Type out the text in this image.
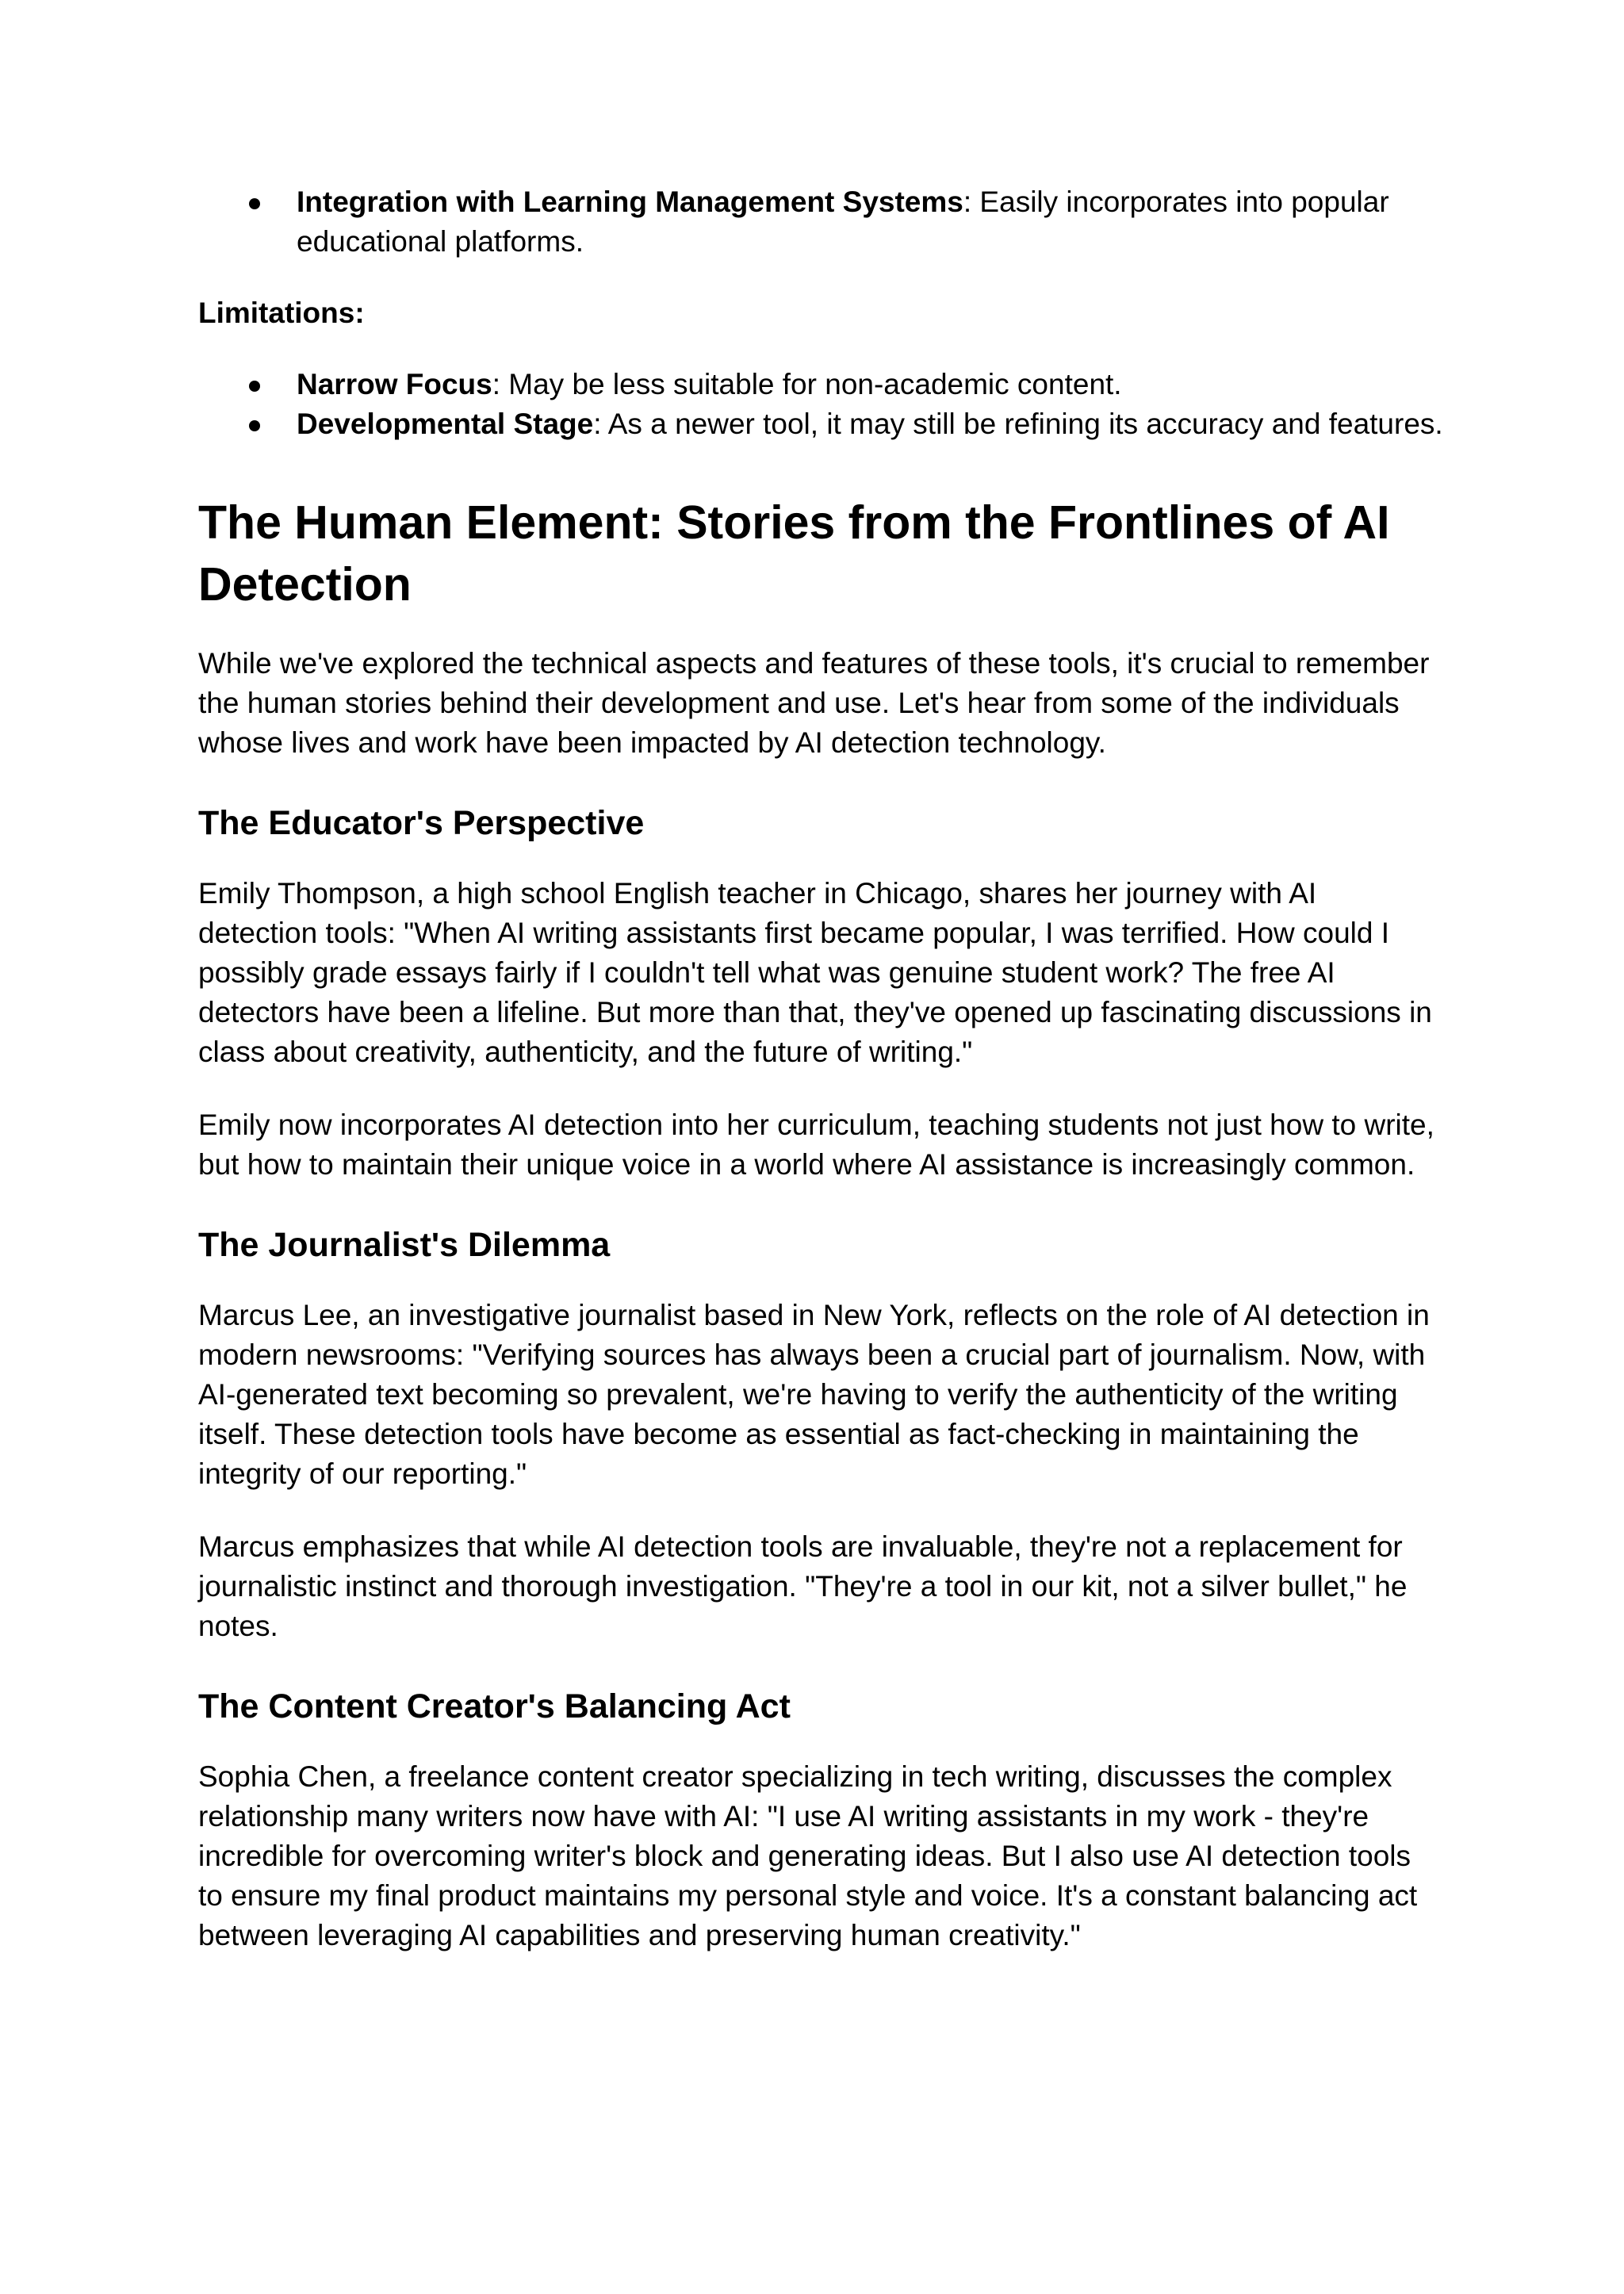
Integration with Learning Management Systems: Easily incorporates into popular educational platforms.
Limitations:
Narrow Focus: May be less suitable for non-academic content.
Developmental Stage: As a newer tool, it may still be refining its accuracy and features.
The Human Element: Stories from the Frontlines of AI Detection

While we've explored the technical aspects and features of these tools, it's crucial to remember the human stories behind their development and use. Let's hear from some of the individuals whose lives and work have been impacted by AI detection technology.

The Educator's Perspective

Emily Thompson, a high school English teacher in Chicago, shares her journey with AI detection tools: "When AI writing assistants first became popular, I was terrified. How could I possibly grade essays fairly if I couldn't tell what was genuine student work? The free AI detectors have been a lifeline. But more than that, they've opened up fascinating discussions in class about creativity, authenticity, and the future of writing."

Emily now incorporates AI detection into her curriculum, teaching students not just how to write, but how to maintain their unique voice in a world where AI assistance is increasingly common.

The Journalist's Dilemma

Marcus Lee, an investigative journalist based in New York, reflects on the role of AI detection in modern newsrooms: "Verifying sources has always been a crucial part of journalism. Now, with AI-generated text becoming so prevalent, we're having to verify the authenticity of the writing itself. These detection tools have become as essential as fact-checking in maintaining the integrity of our reporting."

Marcus emphasizes that while AI detection tools are invaluable, they're not a replacement for journalistic instinct and thorough investigation. "They're a tool in our kit, not a silver bullet," he notes.

The Content Creator's Balancing Act

Sophia Chen, a freelance content creator specializing in tech writing, discusses the complex relationship many writers now have with AI: "I use AI writing assistants in my work - they're incredible for overcoming writer's block and generating ideas. But I also use AI detection tools to ensure my final product maintains my personal style and voice. It's a constant balancing act between leveraging AI capabilities and preserving human creativity."
